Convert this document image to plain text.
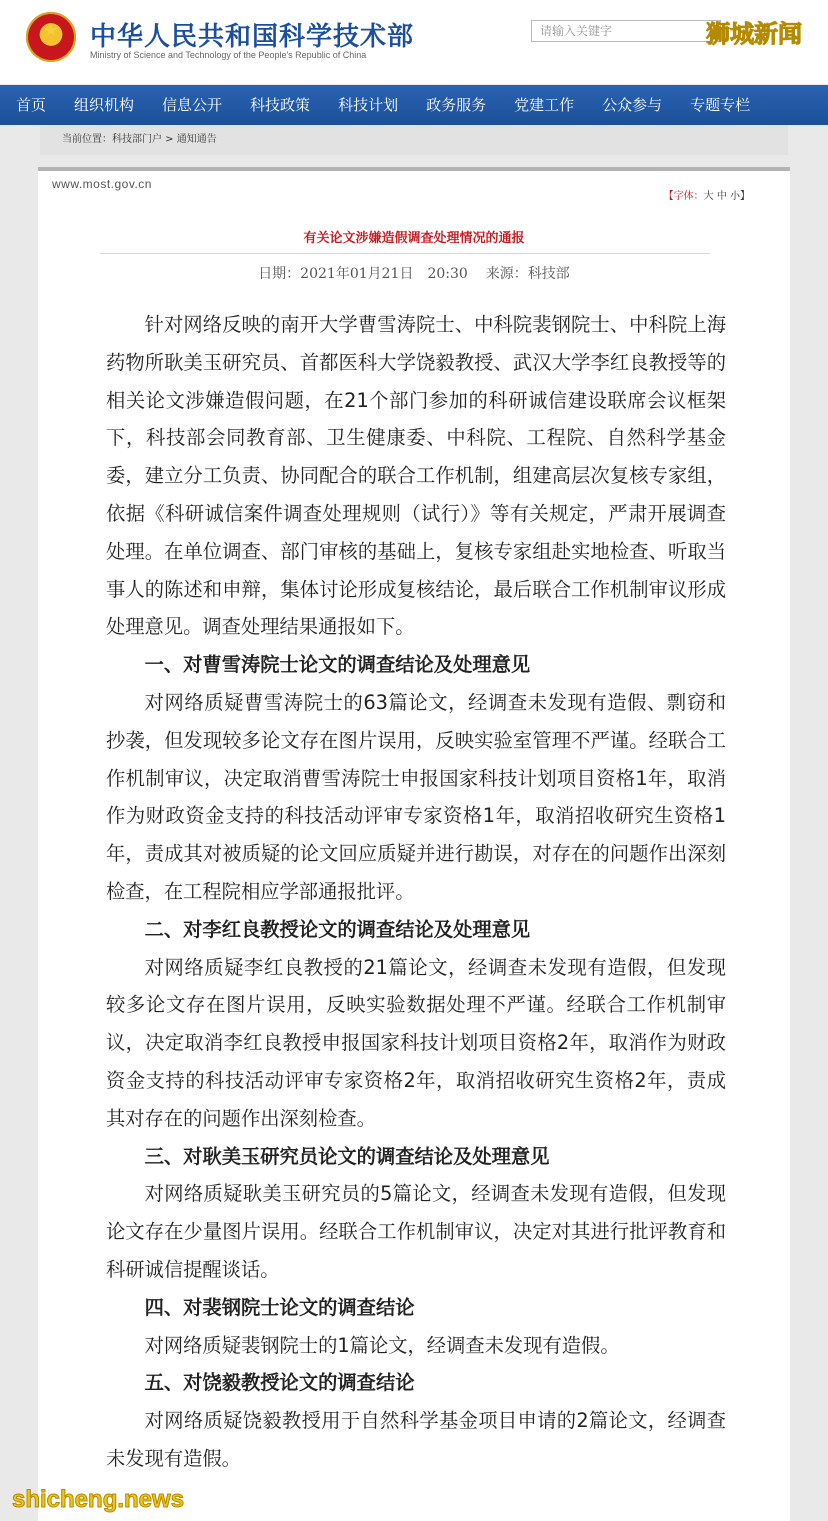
★	中华人民共和国科学技术部
Ministry of Science and Technology of the People's Republic of China
请输入关键字	狮城新闻
首页	组织机构	信息公开	科技政策	科技计划	政务服务	党建工作	公众参与	专题专栏
当前位置：科技部门户 > 通知通告
www.most.gov.cn
【字体：大 中 小】
有关论文涉嫌造假调查处理情况的通报
日期：2021年01月21日　20:30 来源：科技部

针对网络反映的南开大学曹雪涛院士、中科院裴钢院士、中科院上海药物所耿美玉研究员、首都医科大学饶毅教授、武汉大学李红良教授等的相关论文涉嫌造假问题，在21个部门参加的科研诚信建设联席会议框架下，科技部会同教育部、卫生健康委、中科院、工程院、自然科学基金委，建立分工负责、协同配合的联合工作机制，组建高层次复核专家组，依据《科研诚信案件调查处理规则（试行）》等有关规定，严肃开展调查处理。在单位调查、部门审核的基础上，复核专家组赴实地检查、听取当事人的陈述和申辩，集体讨论形成复核结论，最后联合工作机制审议形成处理意见。调查处理结果通报如下。

一、对曹雪涛院士论文的调查结论及处理意见

对网络质疑曹雪涛院士的63篇论文，经调查未发现有造假、剽窃和抄袭，但发现较多论文存在图片误用，反映实验室管理不严谨。经联合工作机制审议，决定取消曹雪涛院士申报国家科技计划项目资格1年，取消作为财政资金支持的科技活动评审专家资格1年，取消招收研究生资格1年，责成其对被质疑的论文回应质疑并进行勘误，对存在的问题作出深刻检查，在工程院相应学部通报批评。

二、对李红良教授论文的调查结论及处理意见

对网络质疑李红良教授的21篇论文，经调查未发现有造假，但发现较多论文存在图片误用，反映实验数据处理不严谨。经联合工作机制审议，决定取消李红良教授申报国家科技计划项目资格2年，取消作为财政资金支持的科技活动评审专家资格2年，取消招收研究生资格2年，责成其对存在的问题作出深刻检查。

三、对耿美玉研究员论文的调查结论及处理意见

对网络质疑耿美玉研究员的5篇论文，经调查未发现有造假，但发现论文存在少量图片误用。经联合工作机制审议，决定对其进行批评教育和科研诚信提醒谈话。

四、对裴钢院士论文的调查结论

对网络质疑裴钢院士的1篇论文，经调查未发现有造假。

五、对饶毅教授论文的调查结论

对网络质疑饶毅教授用于自然科学基金项目申请的2篇论文，经调查未发现有造假。

shicheng.news
